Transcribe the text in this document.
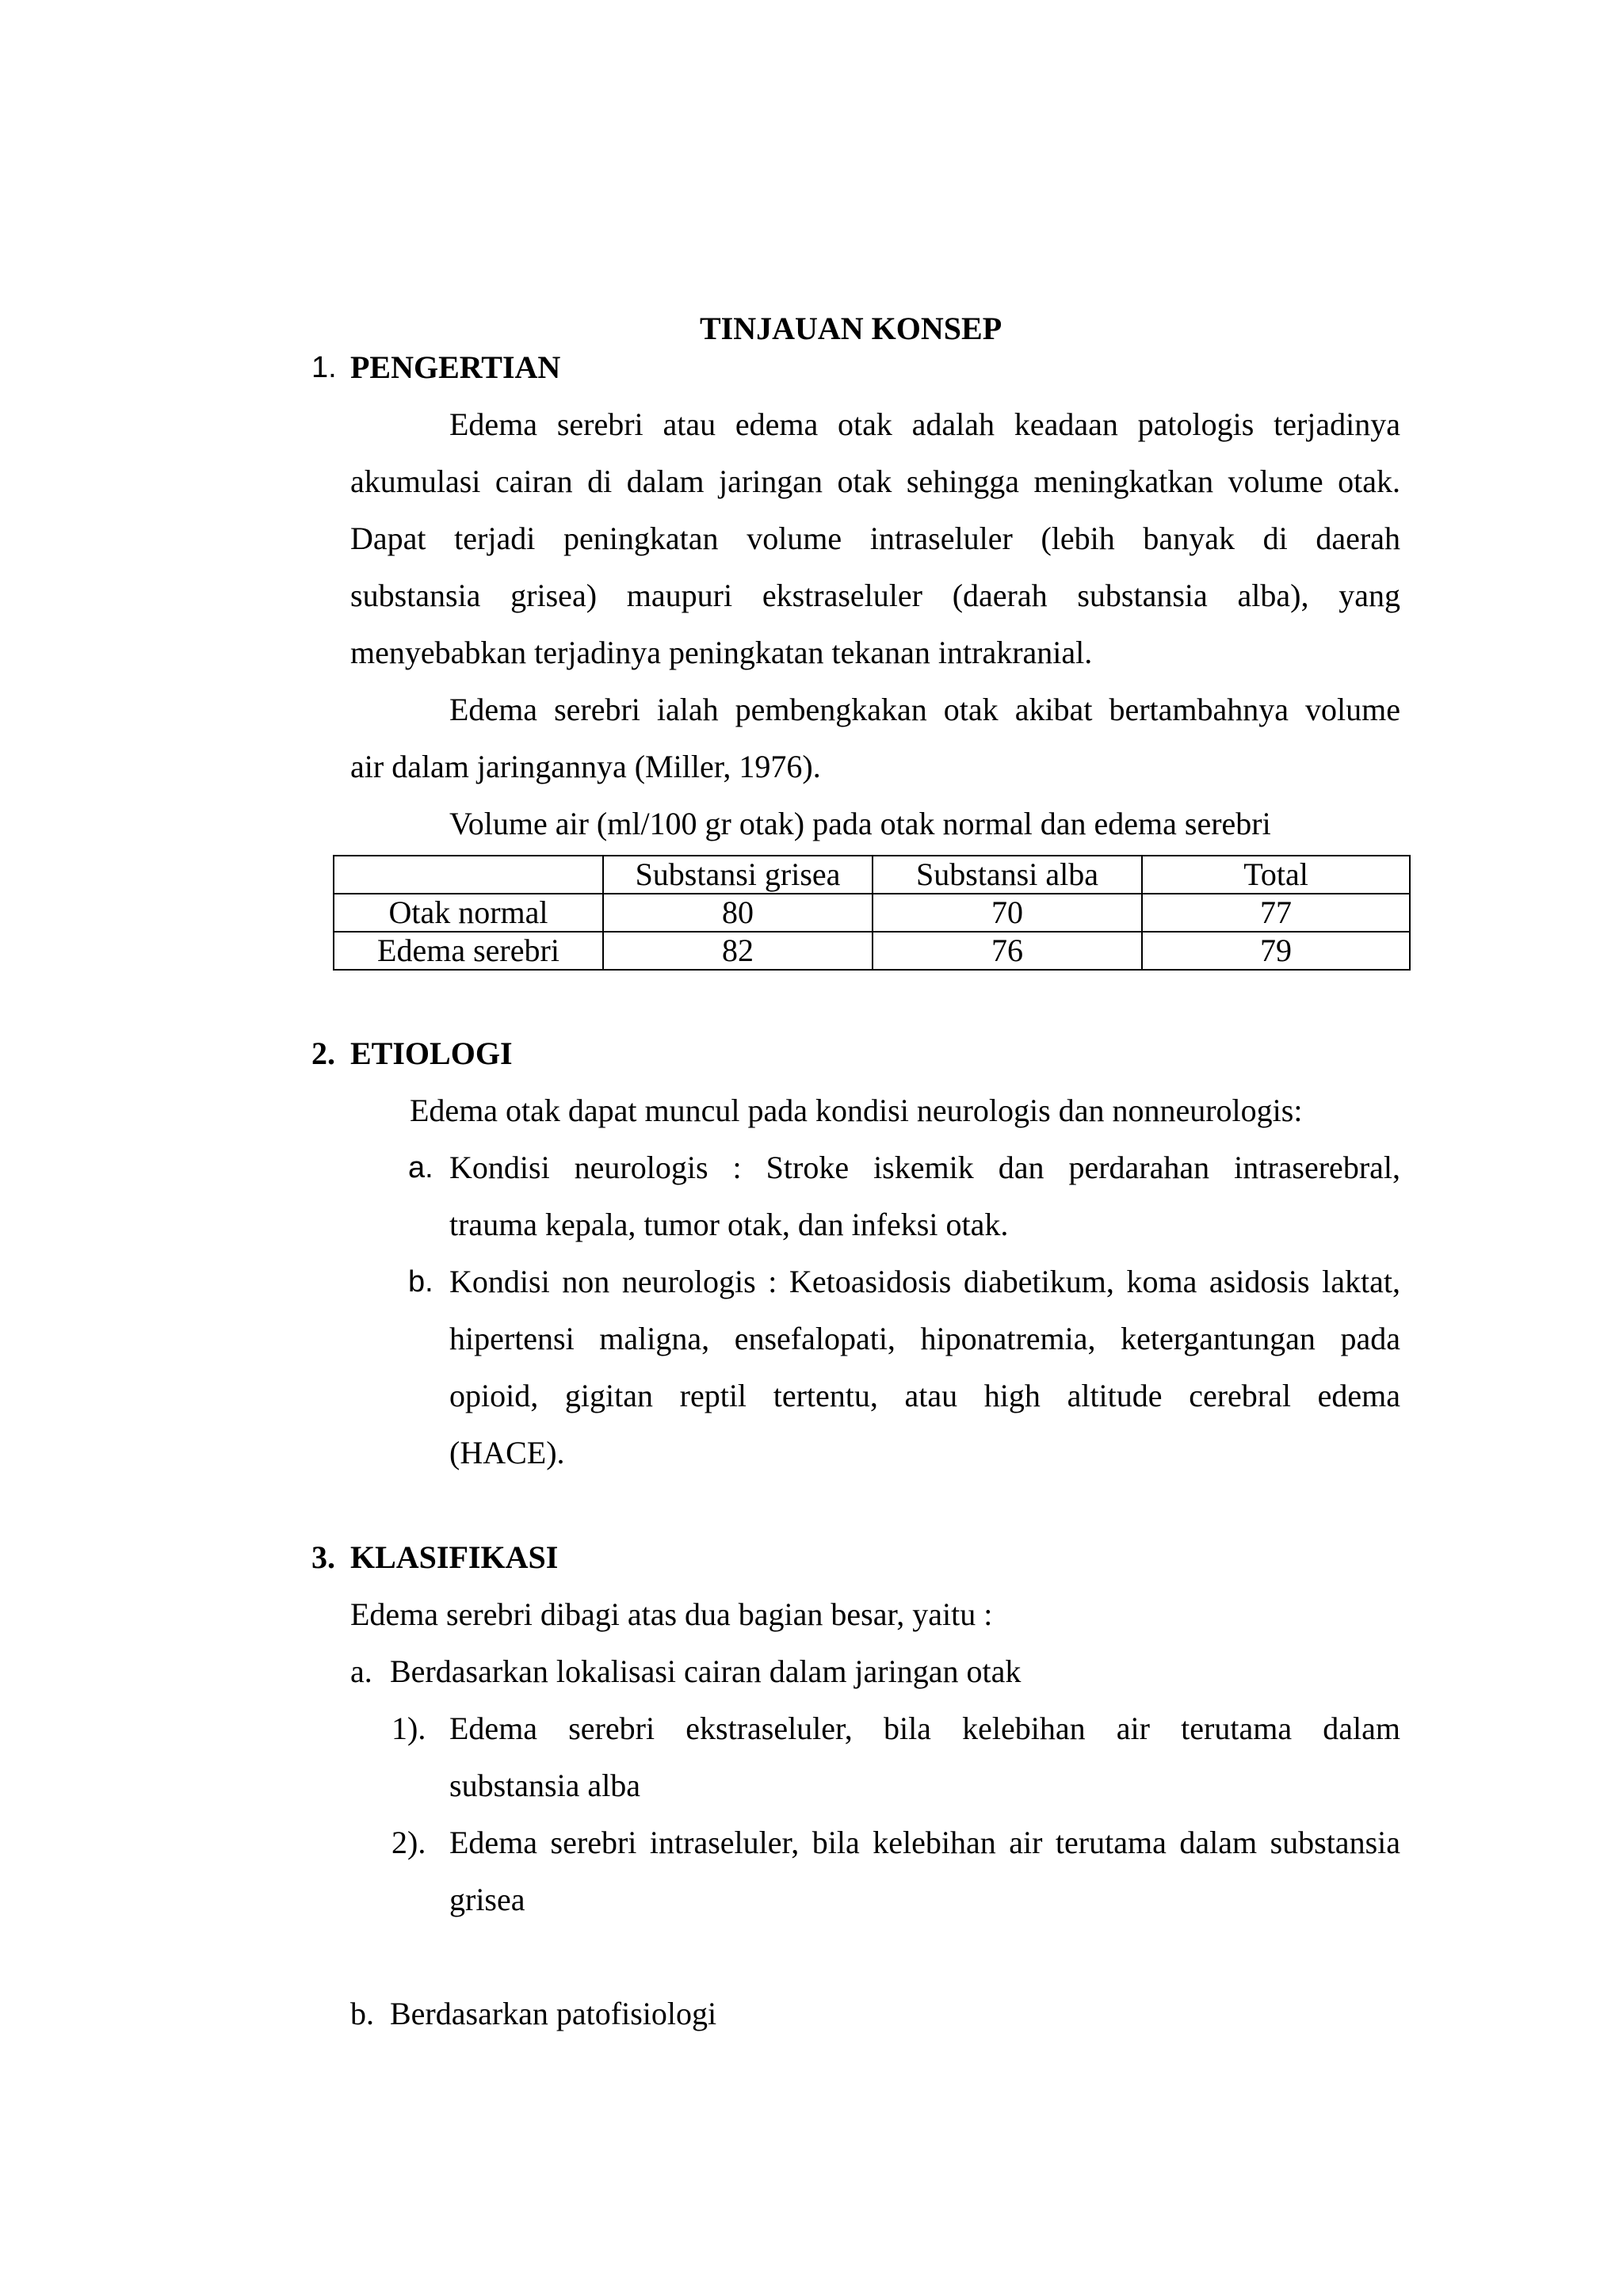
TINJAUAN KONSEP
1. PENGERTIAN
Edema serebri atau edema otak adalah keadaan patologis terjadinya
akumulasi cairan di dalam jaringan otak sehingga meningkatkan volume otak.
Dapat terjadi peningkatan volume intraseluler (lebih banyak di daerah
substansia grisea) maupuri ekstraseluler (daerah substansia alba), yang
menyebabkan terjadinya peningkatan tekanan intrakranial.
Edema serebri ialah pembengkakan otak akibat bertambahnya volume
air dalam jaringannya (Miller, 1976).
Volume air (ml/100 gr otak) pada otak normal dan edema serebri
	Substansi grisea	Substansi alba	Total
Otak normal	80	70	77
Edema serebri	82	76	79
2. ETIOLOGI
Edema otak dapat muncul pada kondisi neurologis dan nonneurologis:
a. Kondisi neurologis : Stroke iskemik dan perdarahan intraserebral,
trauma kepala, tumor otak, dan infeksi otak.
b. Kondisi non neurologis : Ketoasidosis diabetikum, koma asidosis laktat,
hipertensi maligna, ensefalopati, hiponatremia, ketergantungan pada
opioid, gigitan reptil tertentu, atau high altitude cerebral edema
(HACE).
3. KLASIFIKASI
Edema serebri dibagi atas dua bagian besar, yaitu :
a. Berdasarkan lokalisasi cairan dalam jaringan otak
1). Edema serebri ekstraseluler, bila kelebihan air terutama dalam
substansia alba
2). Edema serebri intraseluler, bila kelebihan air terutama dalam substansia
grisea
b. Berdasarkan patofisiologi
